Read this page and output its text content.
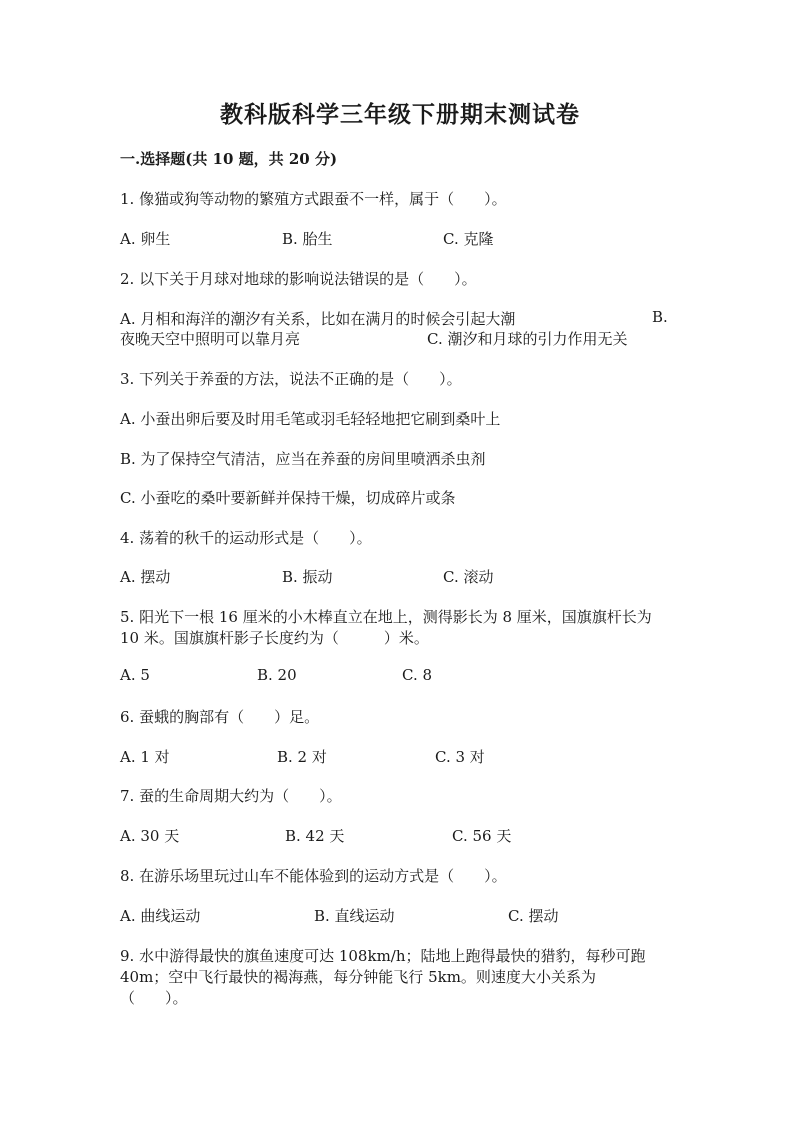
教科版科学三年级下册期末测试卷
一.选择题(共 10 题，共 20 分)
1. 像猫或狗等动物的繁殖方式跟蚕不一样，属于（　　）。
A. 卵生	B. 胎生	C. 克隆
2. 以下关于月球对地球的影响说法错误的是（　　）。
A. 月相和海洋的潮汐有关系，比如在满月的时候会引起大潮	B.
夜晚天空中照明可以靠月亮	C. 潮汐和月球的引力作用无关
3. 下列关于养蚕的方法，说法不正确的是（　　）。
A. 小蚕出卵后要及时用毛笔或羽毛轻轻地把它刷到桑叶上
B. 为了保持空气清洁，应当在养蚕的房间里喷洒杀虫剂
C. 小蚕吃的桑叶要新鲜并保持干燥，切成碎片或条
4. 荡着的秋千的运动形式是（　　）。
A. 摆动	B. 振动	C. 滚动
5. 阳光下一根 16 厘米的小木棒直立在地上，测得影长为 8 厘米，国旗旗杆长为
10 米。国旗旗杆影子长度约为（　　　）米。
A. 5	B. 20	C. 8
6. 蚕蛾的胸部有（　　）足。
A. 1 对	B. 2 对	C. 3 对
7. 蚕的生命周期大约为（　　）。
A. 30 天	B. 42 天	C. 56 天
8. 在游乐场里玩过山车不能体验到的运动方式是（　　）。
A. 曲线运动	B. 直线运动	C. 摆动
9. 水中游得最快的旗鱼速度可达 108km/h；陆地上跑得最快的猎豹，每秒可跑
40m；空中飞行最快的褐海燕，每分钟能飞行 5km。则速度大小关系为
（　　）。
